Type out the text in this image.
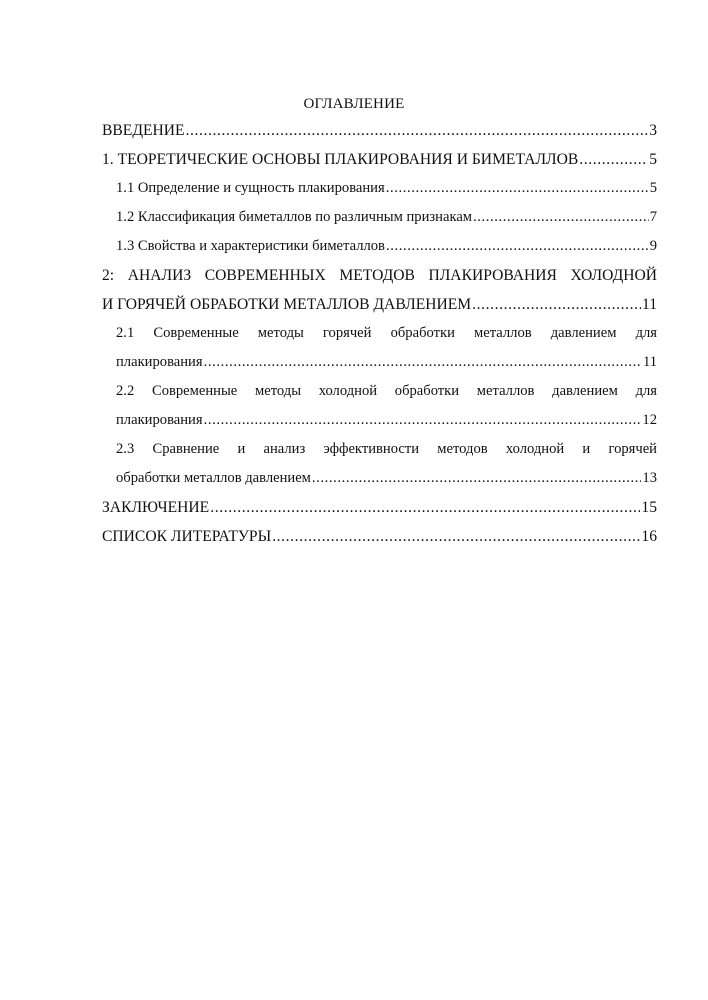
ОГЛАВЛЕНИЕ
ВВЕДЕНИЕ .....	3
1. ТЕОРЕТИЧЕСКИЕ ОСНОВЫ ПЛАКИРОВАНИЯ И БИМЕТАЛЛОВ .....	5
1.1 Определение и сущность плакирования .....	5
1.2 Классификация биметаллов по различным признакам .....	7
1.3 Свойства и характеристики биметаллов .....	9
2: АНАЛИЗ СОВРЕМЕННЫХ МЕТОДОВ ПЛАКИРОВАНИЯ ХОЛОДНОЙ
И ГОРЯЧЕЙ ОБРАБОТКИ МЕТАЛЛОВ ДАВЛЕНИЕМ .....	11
2.1 Современные методы горячей обработки металлов давлением для
плакирования .....	11
2.2 Современные методы холодной обработки металлов давлением для
плакирования .....	12
2.3 Сравнение и анализ эффективности методов холодной и горячей
обработки металлов давлением .....	13
ЗАКЛЮЧЕНИЕ .....	15
СПИСОК ЛИТЕРАТУРЫ .....	16
